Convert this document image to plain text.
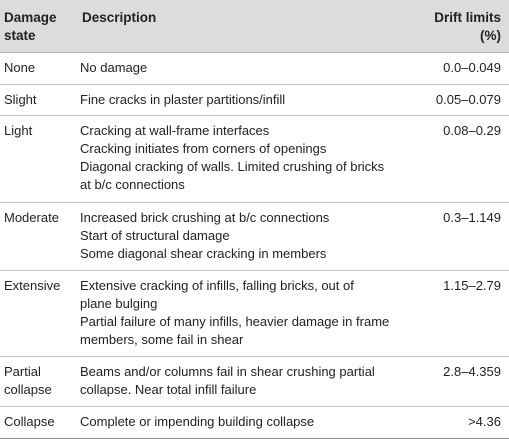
Damage
state	Description	Drift limits
(%)

None	No damage	0.0–0.049

Slight	Fine cracks in plaster partitions/infill	0.05–0.079

Light	Cracking at wall-frame interfaces
Cracking initiates from corners of openings
Diagonal cracking of walls. Limited crushing of bricks
at b/c connections	0.08–0.29

Moderate	Increased brick crushing at b/c connections
Start of structural damage
Some diagonal shear cracking in members	0.3–1.149

Extensive	Extensive cracking of infills, falling bricks, out of
plane bulging
Partial failure of many infills, heavier damage in frame
members, some fail in shear	1.15–2.79

Partial
collapse	Beams and/or columns fail in shear crushing partial
collapse. Near total infill failure	2.8–4.359

Collapse	Complete or impending building collapse	>4.36
